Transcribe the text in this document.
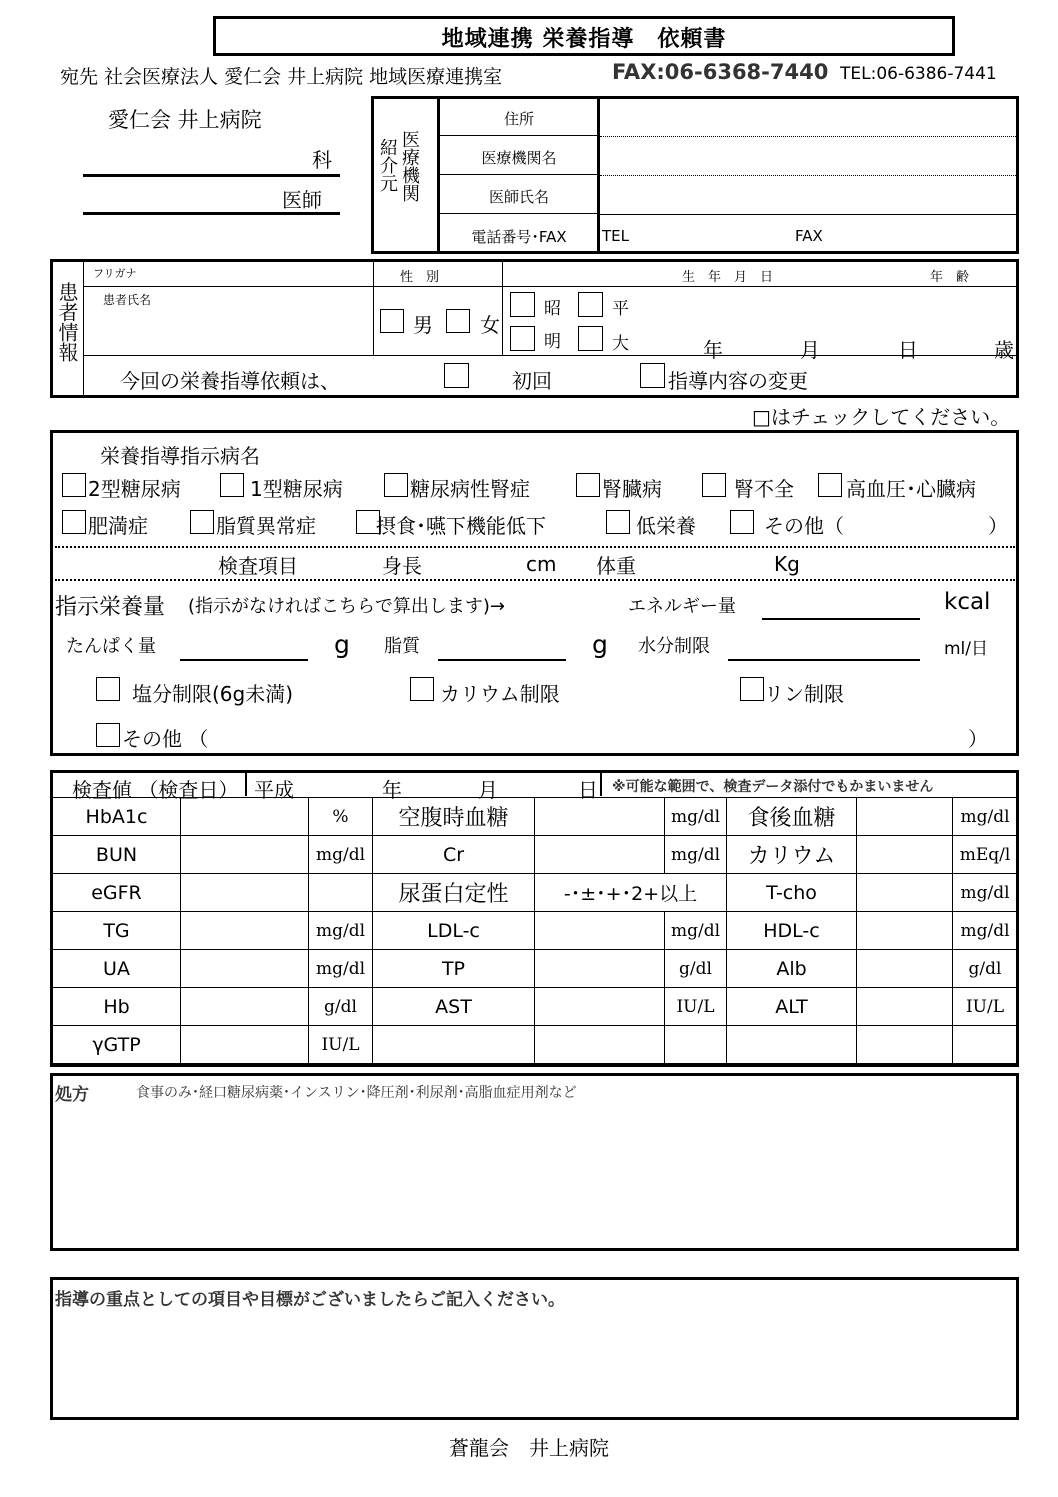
地域連携 栄養指導　依頼書
宛先 社会医療法人 愛仁会 井上病院 地域医療連携室	FAX:06-6368-7440 TEL:06-6386-7441
愛仁会 井上病院
科
医師
紹介元 医療機関
住所
医療機関名
医師氏名
電話番号･FAX	TEL	FAX
患者情報
フリガナ
患者氏名
性　別	生　年　月　日	年　齢
男 女
昭	平
明	大	年	月	日	歳
今回の栄養指導依頼は、	初回	指導内容の変更
□はチェックしてください。
栄養指導指示病名
2型糖尿病	1型糖尿病	糖尿病性腎症	腎臓病	腎不全	高血圧･心臓病
肥満症	脂質異常症	摂食･嚥下機能低下	低栄養	その他（	）
検査項目	身長	cm 体重	Kg
指示栄養量 (指示がなければこちらで算出します)→	エネルギー量	kcal
たんぱく量	g 脂質	g 水分制限	ml/日
塩分制限(6g未満)	カリウム制限	リン制限
その他 （	）
検査値 （検査日） 平成	年	月	日 ※可能な範囲で、検査データ添付でもかまいません
HbA1c		%	空腹時血糖		mg/dl	食後血糖		mg/dl
BUN		mg/dl	Cr		mg/dl	カリウム		mEq/l
eGFR			尿蛋白定性	-･±･+･2+以上		T-cho		mg/dl
TG		mg/dl	LDL-c		mg/dl	HDL-c		mg/dl
UA		mg/dl	TP		g/dl	Alb		g/dl
Hb		g/dl	AST		IU/L	ALT		IU/L
γGTP		IU/L						
処方	食事のみ･経口糖尿病薬･インスリン･降圧剤･利尿剤･高脂血症用剤など
指導の重点としての項目や目標がございましたらご記入ください。
蒼龍会　井上病院
